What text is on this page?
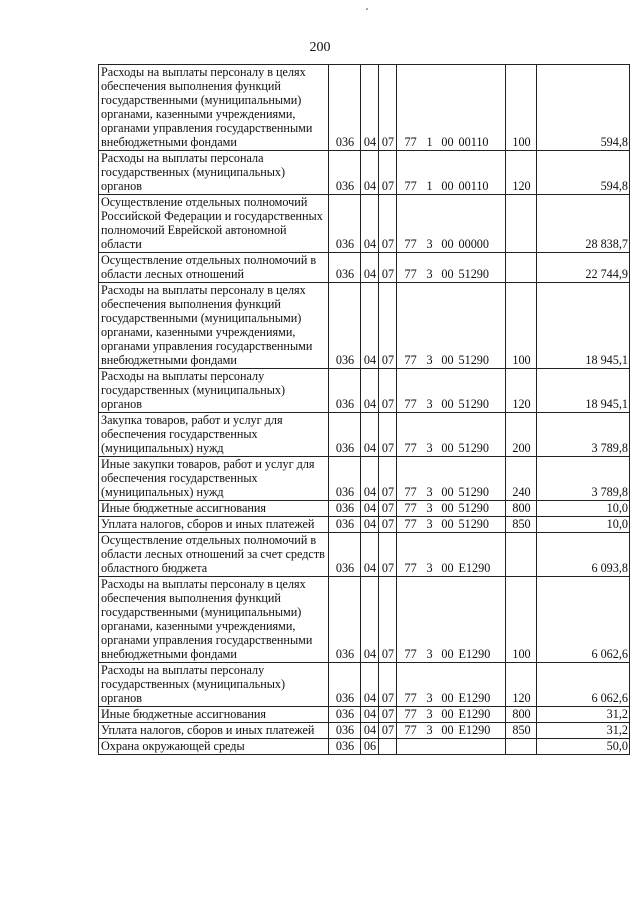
200
Расходы на выплаты персоналу в целях обеспечения выполнения функций государственными (муниципальными) органами, казенными учреждениями, органами управления государственными внебюджетными фондами	036	04	07	77 1 00 00110	100	594,8
Расходы на выплаты персонала государственных (муниципальных) органов	036	04	07	77 1 00 00110	120	594,8
Осуществление отдельных полномочий Российской Федерации и государственных полномочий Еврейской автономной области	036	04	07	77 3 00 00000		28 838,7
Осуществление отдельных полномочий в области лесных отношений	036	04	07	77 3 00 51290		22 744,9
Расходы на выплаты персоналу в целях обеспечения выполнения функций государственными (муниципальными) органами, казенными учреждениями, органами управления государственными внебюджетными фондами	036	04	07	77 3 00 51290	100	18 945,1
Расходы на выплаты персоналу государственных (муниципальных) органов	036	04	07	77 3 00 51290	120	18 945,1
Закупка товаров, работ и услуг для обеспечения государственных (муниципальных) нужд	036	04	07	77 3 00 51290	200	3 789,8
Иные закупки товаров, работ и услуг для обеспечения государственных (муниципальных) нужд	036	04	07	77 3 00 51290	240	3 789,8
Иные бюджетные ассигнования	036	04	07	77 3 00 51290	800	10,0
Уплата налогов, сборов и иных платежей	036	04	07	77 3 00 51290	850	10,0
Осуществление отдельных полномочий в области лесных отношений за счет средств областного бюджета	036	04	07	77 3 00 E1290		6 093,8
Расходы на выплаты персоналу в целях обеспечения выполнения функций государственными (муниципальными) органами, казенными учреждениями, органами управления государственными внебюджетными фондами	036	04	07	77 3 00 E1290	100	6 062,6
Расходы на выплаты персоналу государственных (муниципальных) органов	036	04	07	77 3 00 E1290	120	6 062,6
Иные бюджетные ассигнования	036	04	07	77 3 00 E1290	800	31,2
Уплата налогов, сборов и иных платежей	036	04	07	77 3 00 E1290	850	31,2
Охрана окружающей среды	036	06				50,0
